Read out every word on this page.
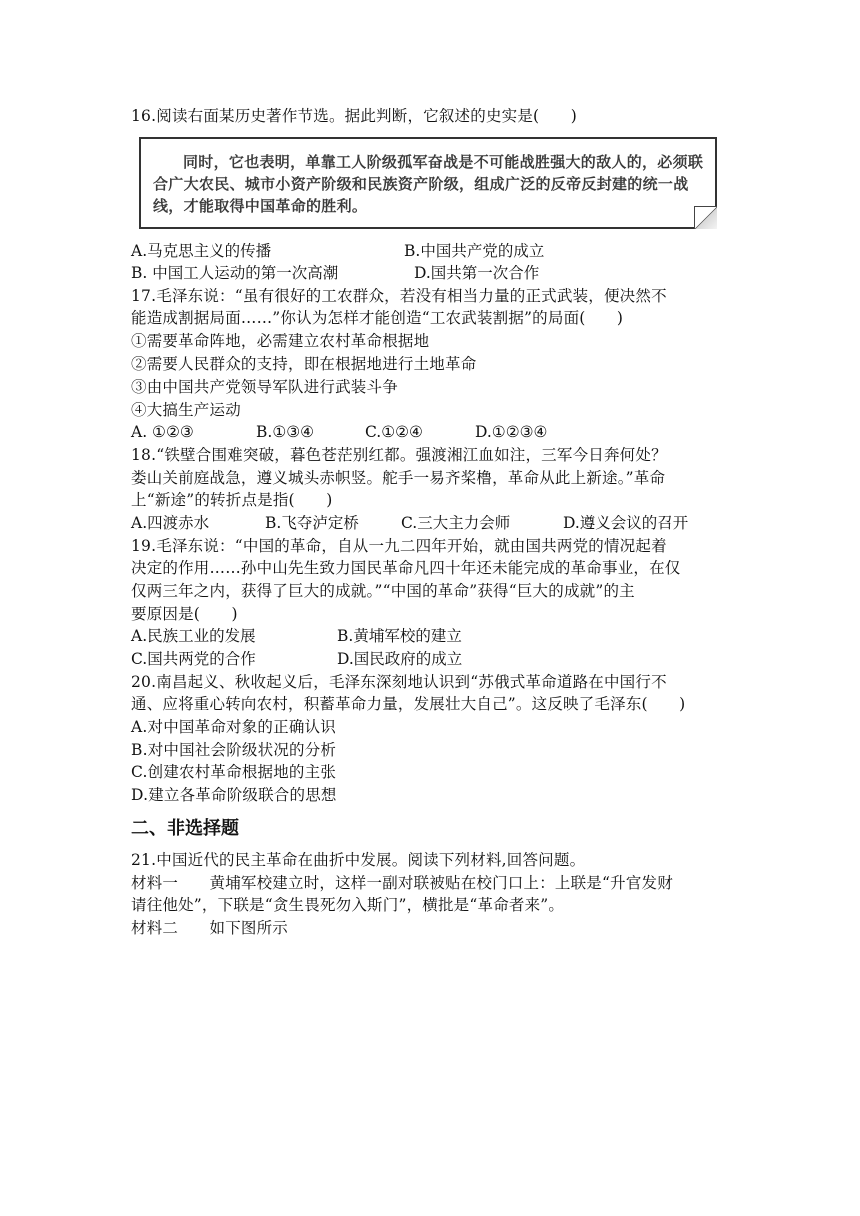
16.阅读右面某历史著作节选。据此判断，它叙述的史实是(　　)
同时，它也表明，单靠工人阶级孤军奋战是不可能战胜强大的敌人的，必须联合广大农民、城市小资产阶级和民族资产阶级，组成广泛的反帝反封建的统一战线，才能取得中国革命的胜利。
A.马克思主义的传播	B.中国共产党的成立
B. 中国工人运动的第一次高潮	D.国共第一次合作
17.毛泽东说：“虽有很好的工农群众，若没有相当力量的正式武装，便决然不
能造成割据局面……”你认为怎样才能创造“工农武装割据”的局面(　　)
①需要革命阵地，必需建立农村革命根据地
②需要人民群众的支持，即在根据地进行土地革命
③由中国共产党领导军队进行武装斗争
④大搞生产运动
A. ①②③	B.①③④	C.①②④	D.①②③④
18.“铁壁合围难突破，暮色苍茫别红都。强渡湘江血如注，三军今日奔何处？
娄山关前庭战急，遵义城头赤帜竖。舵手一易齐桨橹，革命从此上新途。”革命
上“新途”的转折点是指(　　)
A.四渡赤水	B.飞夺泸定桥	C.三大主力会师	D.遵义会议的召开
19.毛泽东说：“中国的革命，自从一九二四年开始，就由国共两党的情况起着
决定的作用……孙中山先生致力国民革命凡四十年还未能完成的革命事业，在仅
仅两三年之内，获得了巨大的成就。”“中国的革命”获得“巨大的成就”的主
要原因是(　　)
A.民族工业的发展	B.黄埔军校的建立
C.国共两党的合作	D.国民政府的成立
20.南昌起义、秋收起义后，毛泽东深刻地认识到“苏俄式革命道路在中国行不
通、应将重心转向农村，积蓄革命力量，发展壮大自己”。这反映了毛泽东(　　)
A.对中国革命对象的正确认识
B.对中国社会阶级状况的分析
C.创建农村革命根据地的主张
D.建立各革命阶级联合的思想
二、非选择题
21.中国近代的民主革命在曲折中发展。阅读下列材料,回答问题。
材料一　　黄埔军校建立时，这样一副对联被贴在校门口上：上联是“升官发财
请往他处”，下联是“贪生畏死勿入斯门”，横批是“革命者来”。
材料二　　如下图所示
